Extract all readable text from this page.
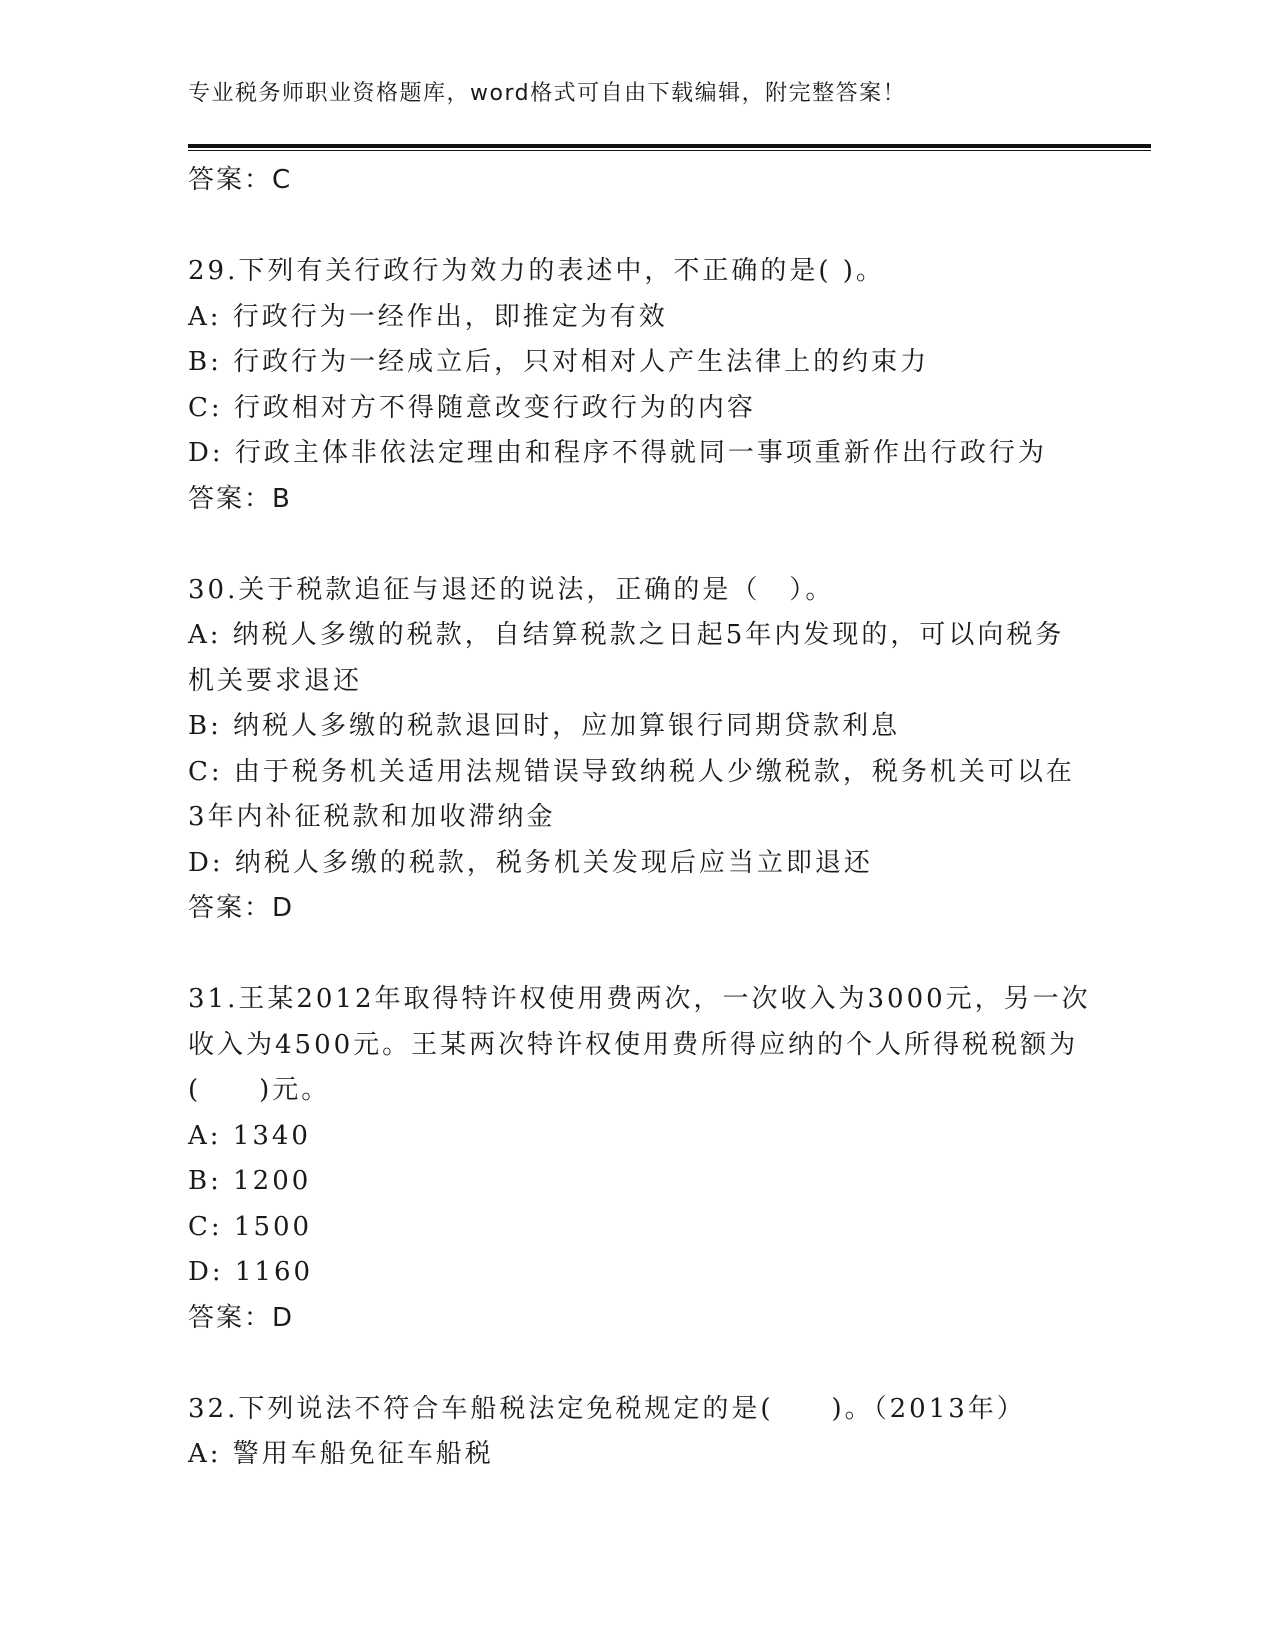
专业税务师职业资格题库，word格式可自由下载编辑，附完整答案！
答案：C
29.下列有关行政行为效力的表述中，不正确的是( )。
A: 行政行为一经作出，即推定为有效
B: 行政行为一经成立后，只对相对人产生法律上的约束力
C: 行政相对方不得随意改变行政行为的内容
D: 行政主体非依法定理由和程序不得就同一事项重新作出行政行为
答案：B
30.关于税款追征与退还的说法，正确的是（　）。
A: 纳税人多缴的税款，自结算税款之日起5年内发现的，可以向税务
机关要求退还
B: 纳税人多缴的税款退回时，应加算银行同期贷款利息
C: 由于税务机关适用法规错误导致纳税人少缴税款，税务机关可以在
3年内补征税款和加收滞纳金
D: 纳税人多缴的税款，税务机关发现后应当立即退还
答案：D
31.王某2012年取得特许权使用费两次，一次收入为3000元，另一次
收入为4500元。王某两次特许权使用费所得应纳的个人所得税税额为
(　　)元。
A: 1340
B: 1200
C: 1500
D: 1160
答案：D
32.下列说法不符合车船税法定免税规定的是(　　)。（2013年）
A: 警用车船免征车船税
